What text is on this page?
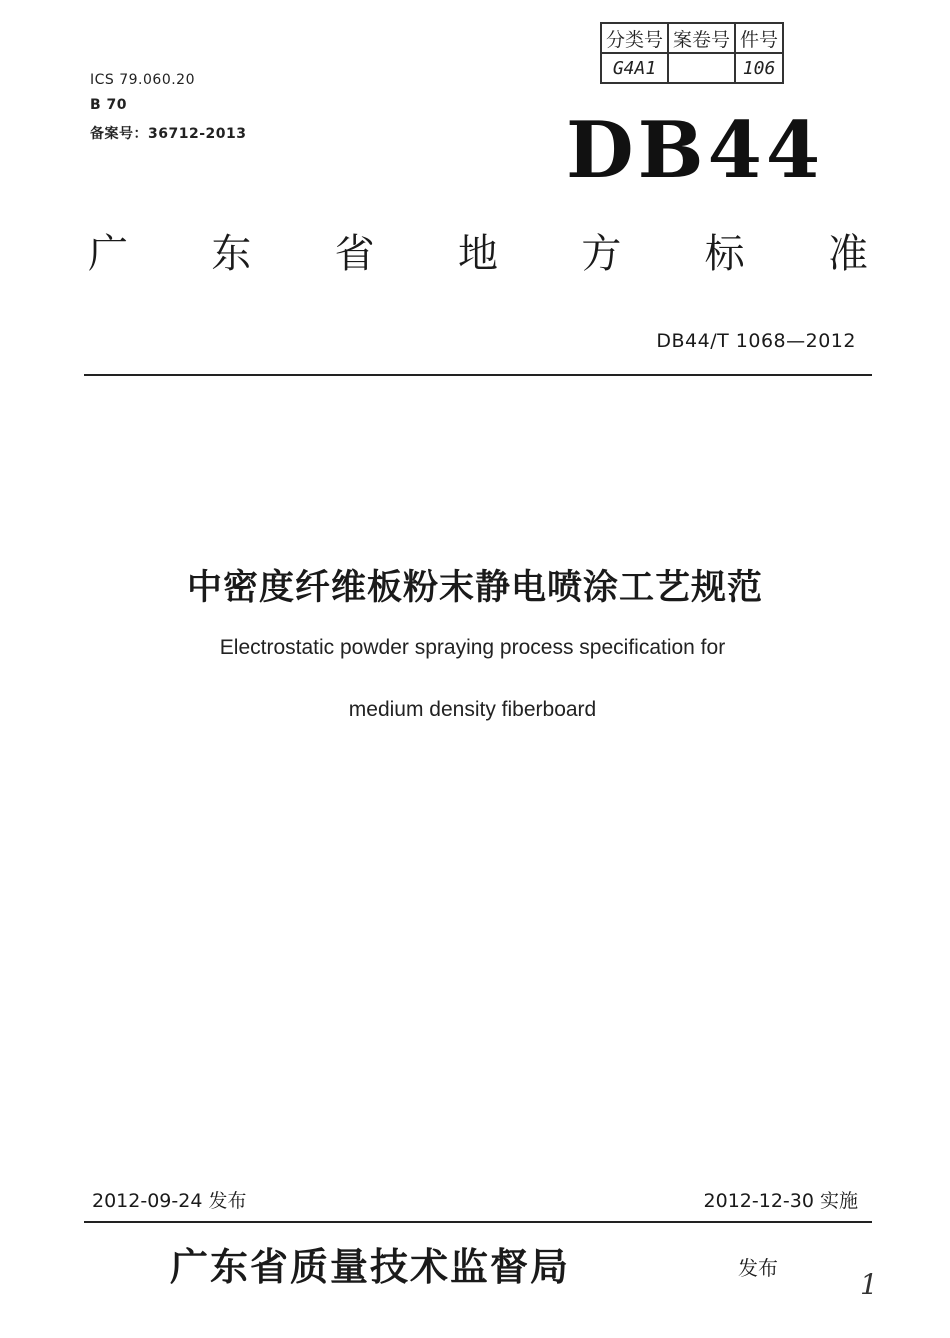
分类号	案卷号	件号
G4A1		106
ICS 79.060.20
B 70
备案号：36712-2013	DB44
广 东 省 地 方 标 准
DB44/T 1068—2012
中密度纤维板粉末静电喷涂工艺规范
Electrostatic powder spraying process specification for
medium density fiberboard
2012-09-24 发布	2012-12-30 实施
广东省质量技术监督局	发布	1
